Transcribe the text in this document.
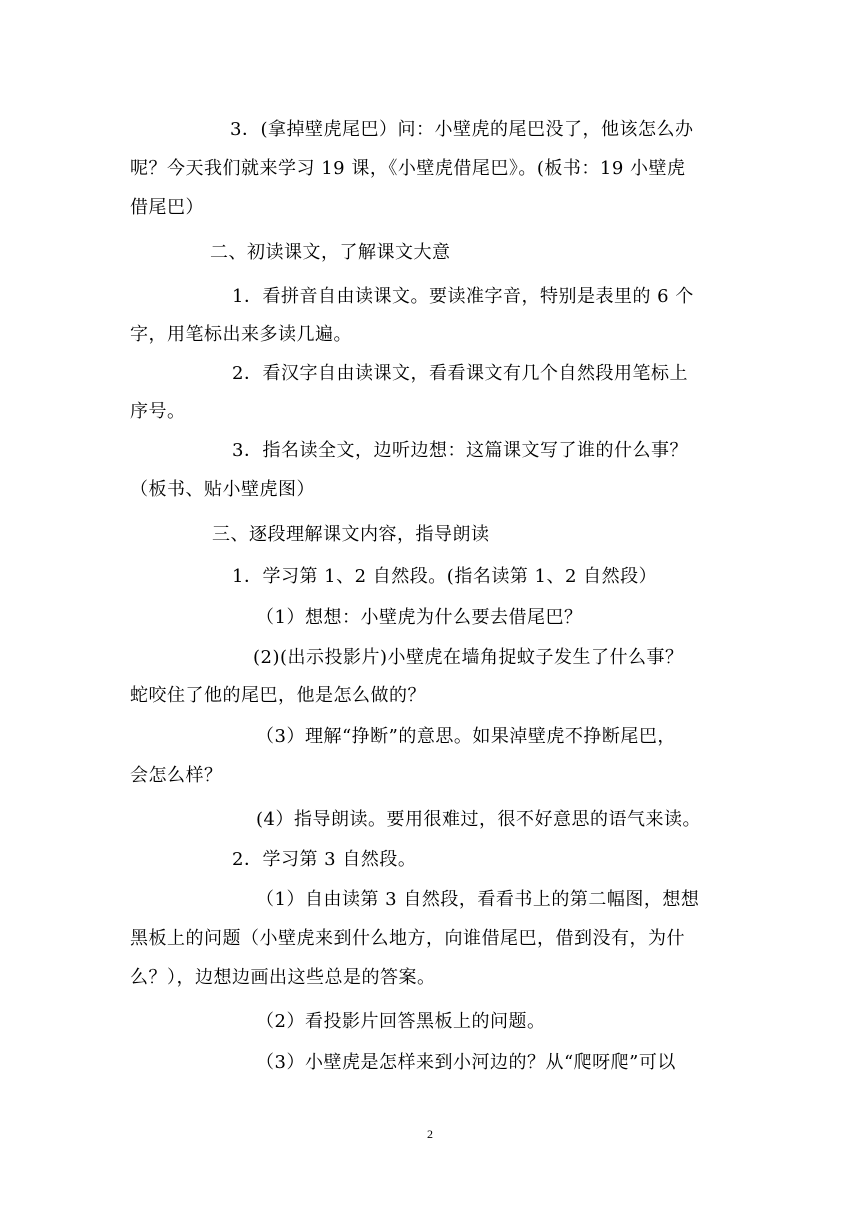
3．(拿掉壁虎尾巴）问：小壁虎的尾巴没了，他该怎么办
呢？今天我们就来学习 19 课，《小壁虎借尾巴》。(板书：19 小壁虎
借尾巴）
二、初读课文，了解课文大意
1．看拼音自由读课文。要读准字音，特别是表里的 6 个
字，用笔标出来多读几遍。
2．看汉字自由读课文，看看课文有几个自然段用笔标上
序号。
3．指名读全文，边听边想：这篇课文写了谁的什么事？
（板书、贴小壁虎图）
三、逐段理解课文内容，指导朗读
1．学习第 1、2 自然段。(指名读第 1、2 自然段）
（1）想想：小壁虎为什么要去借尾巴？
(2)(出示投影片)小壁虎在墙角捉蚊子发生了什么事？
蛇咬住了他的尾巴，他是怎么做的？
（3）理解“挣断”的意思。如果淖壁虎不挣断尾巴，
会怎么样？
(4）指导朗读。要用很难过，很不好意思的语气来读。
2．学习第 3 自然段。
（1）自由读第 3 自然段，看看书上的第二幅图，想想
黑板上的问题（小壁虎来到什么地方，向谁借尾巴，借到没有，为什
么？），边想边画出这些总是的答案。
（2）看投影片回答黑板上的问题。
（3）小壁虎是怎样来到小河边的？从“爬呀爬”可以
2
